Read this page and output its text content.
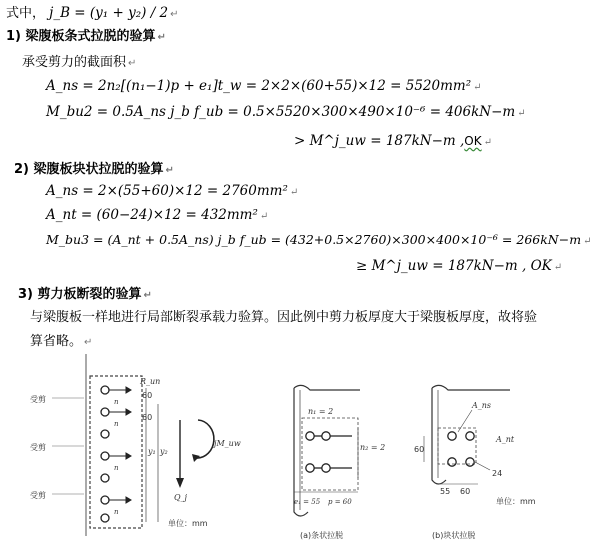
式中， j_B = (y₁ + y₂) / 2 ↵
1) 梁腹板条式拉脱的验算 ↵
承受剪力的截面积 ↵
A_ns = 2n₂[(n₁−1)p + e₁]t_w = 2×2×(60+55)×12 = 5520mm² ↵
M_bu2 = 0.5A_ns j_b f_ub = 0.5×5520×300×490×10⁻⁶ = 406kN−m ↵
> M^j_uw = 187kN−m ,OK ↵
2) 梁腹板块状拉脱的验算 ↵
A_ns = 2×(55+60)×12 = 2760mm² ↵
A_nt = (60−24)×12 = 432mm² ↵
M_bu3 = (A_nt + 0.5A_ns) j_b f_ub = (432+0.5×2760)×300×400×10⁻⁶ = 266kN−m ↵
≥ M^j_uw = 187kN−m , OK ↵
3) 剪力板断裂的验算 ↵
与梁腹板一样地进行局部断裂承载力验算。因此例中剪力板厚度大于梁腹板厚度，故将验
算省略。 ↵
受剪
受剪
受剪
n
n
n
n
R_un
60
60
y₁ y₂
jM_uw
Q_j
单位：mm
n₁ = 2
n₂ = 2
e₁ = 55 p = 60
(a)条状拉脱
A_ns
A_nt
24
60
55 60
单位：mm
(b)块状拉脱
